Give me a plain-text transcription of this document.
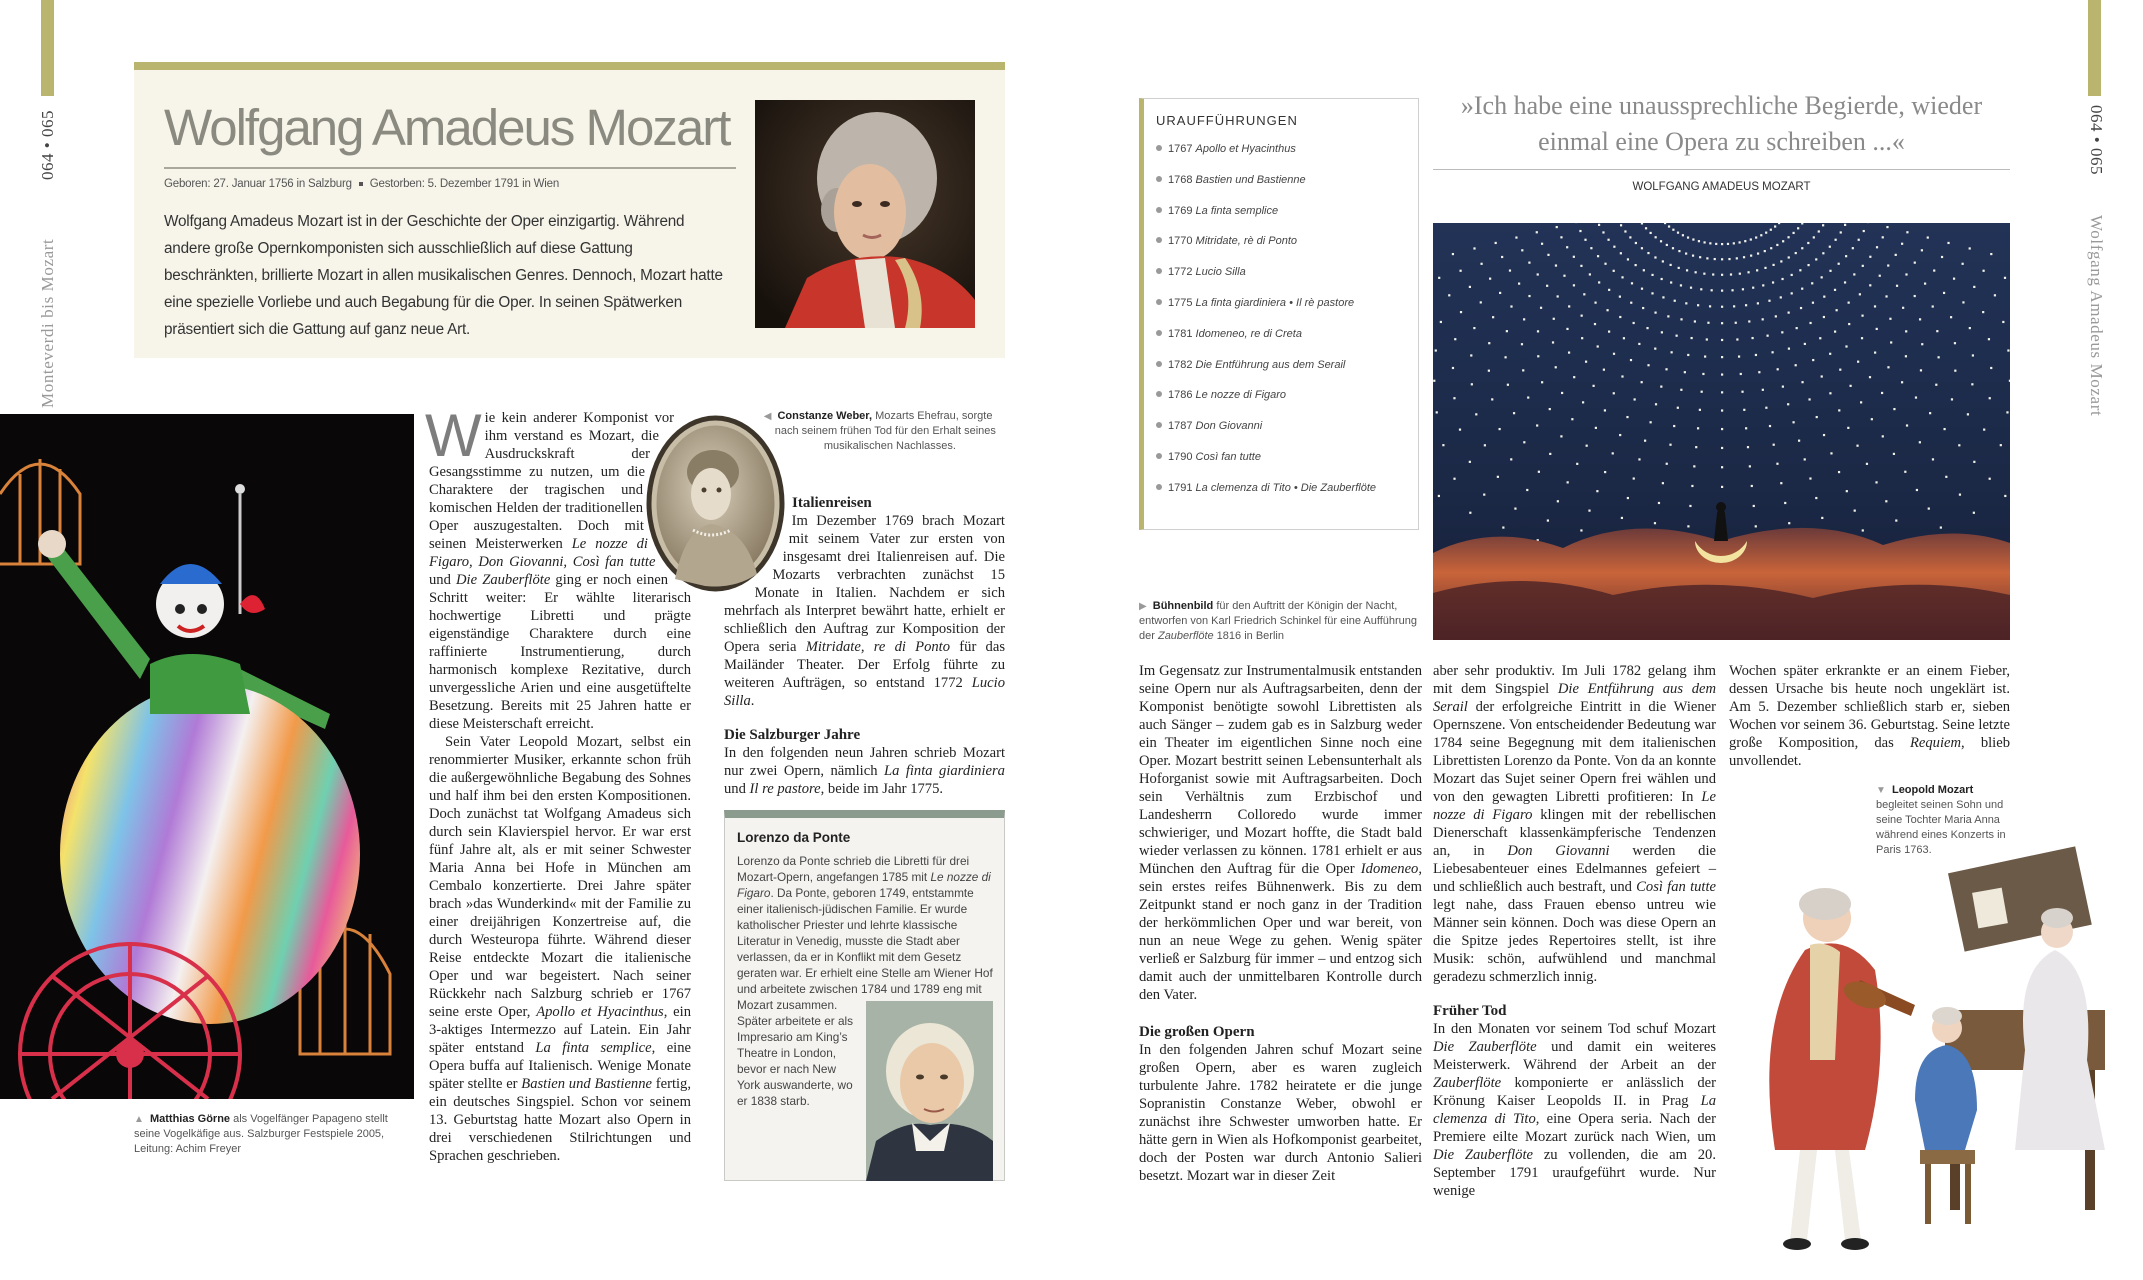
064 • 065
Monteverdi bis Mozart
064 • 065
Wolfgang Amadeus Mozart
Wolfgang Amadeus Mozart
Geboren: 27. Januar 1756 in Salzburg Gestorben: 5. Dezember 1791 in Wien

Wolfgang Amadeus Mozart ist in der Geschichte der Oper einzigartig. Während andere große Opernkomponisten sich ausschließlich auf diese Gattung beschränkten, brillierte Mozart in allen musikalischen Genres. Dennoch, Mozart hatte eine spezielle Vorliebe und auch Begabung für die Oper. In seinen Spätwerken präsentiert sich die Gattung auf ganz neue Art.

▲ Matthias Görne als Vogelfänger Papageno stellt seine Vogelkäfige aus. Salzburger Festspiele 2005, Leitung: Achim Freyer

Wie kein anderer Komponist vor ihm verstand es Mozart, die Ausdruckskraft der Gesangsstimme zu nutzen, um die Charaktere der tragischen und komischen Helden der traditionellen Oper auszugestalten. Doch mit seinen Meisterwerken Le nozze di Figaro, Don Giovanni, Così fan tutte und Die Zauberflöte ging er noch einen Schritt weiter: Er wählte literarisch hochwertige Libretti und prägte eigenständige Charaktere durch eine raffinierte Instrumentierung, durch harmonisch komplexe Rezitative, durch unvergessliche Arien und eine ausgetüftelte Besetzung. Bereits mit 25 Jahren hatte er diese Meisterschaft erreicht.

Sein Vater Leopold Mozart, selbst ein renommierter Musiker, erkannte schon früh die außergewöhnliche Begabung des Sohnes und half ihm bei den ersten Kompositionen. Doch zunächst tat Wolfgang Amadeus sich durch sein Klavierspiel hervor. Er war erst fünf Jahre alt, als er mit seiner Schwester Maria Anna bei Hofe in München am Cembalo konzertierte. Drei Jahre später brach »das Wunderkind« mit der Familie zu einer dreijährigen Konzertreise auf, die durch Westeuropa führte. Während dieser Reise entdeckte Mozart die italienische Oper und war begeistert. Nach seiner Rückkehr nach Salzburg schrieb er 1767 seine erste Oper, Apollo et Hyacinthus, ein 3-aktiges Intermezzo auf Latein. Ein Jahr später entstand La finta semplice, eine Opera buffa auf Italienisch. Wenige Monate später stellte er Bastien und Bastienne fertig, ein deutsches Singspiel. Schon vor seinem 13. Geburtstag hatte Mozart also Opern in drei verschiedenen Stilrichtungen und Sprachen geschrieben.

◀ Constanze Weber, Mozarts Ehefrau, sorgte nach seinem frühen Tod für den Erhalt seines musikalischen Nachlasses.
Italienreisen

Im Dezember 1769 brach Mozart mit seinem Vater zur ersten von insgesamt drei Italienreisen auf. Die Mozarts verbrachten zunächst 15 Monate in Italien. Nachdem er sich mehrfach als Interpret bewährt hatte, erhielt er schließlich den Auftrag zur Komposition der Opera seria Mitridate, re di Ponto für das Mailänder Theater. Der Erfolg führte zu weiteren Aufträgen, so entstand 1772 Lucio Silla.

Die Salzburger Jahre

In den folgenden neun Jahren schrieb Mozart nur zwei Opern, nämlich La finta giardiniera und Il re pastore, beide im Jahr 1775.

Lorenzo da Ponte

Lorenzo da Ponte schrieb die Libretti für drei Mozart-Opern, angefangen 1785 mit Le nozze di Figaro. Da Ponte, geboren 1749, entstammte einer italienisch-jüdischen Familie. Er wurde katholischer Priester und lehrte klassische Literatur in Venedig, musste die Stadt aber verlassen, da er in Konflikt mit dem Gesetz geraten war. Er erhielt eine Stelle am Wiener Hof und arbeitete zwischen 1784 und 1789 eng mit Mozart zusammen. Später arbeitete er als Impresario am King’s Theatre in London, bevor er nach New York auswanderte, wo er 1838 starb.

URAUFFÜHRUNGEN
1767 Apollo et Hyacinthus
1768 Bastien und Bastienne
1769 La finta semplice
1770 Mitridate, rè di Ponto
1772 Lucio Silla
1775 La finta giardiniera • Il rè pastore
1781 Idomeneo, re di Creta
1782 Die Entführung aus dem Serail
1786 Le nozze di Figaro
1787 Don Giovanni
1790 Così fan tutte
1791 La clemenza di Tito • Die Zauberflöte

»Ich habe eine unaussprechliche Begierde, wieder einmal eine Opera zu schreiben ...«

WOLFGANG AMADEUS MOZART
▶ Bühnenbild für den Auftritt der Königin der Nacht, entworfen von Karl Friedrich Schinkel für eine Aufführung der Zauberflöte 1816 in Berlin

Im Gegensatz zur Instrumentalmusik entstanden seine Opern nur als Auftragsarbeiten, denn der Komponist benötigte sowohl Librettisten als auch Sänger – zudem gab es in Salzburg weder ein Theater im eigentlichen Sinne noch eine Oper. Mozart bestritt seinen Lebensunterhalt als Hoforganist sowie mit Auftragsarbeiten. Doch sein Verhältnis zum Erzbischof und Landesherrn Colloredo wurde immer schwieriger, und Mozart hoffte, die Stadt bald wieder verlassen zu können. 1781 erhielt er aus München den Auftrag für die Oper Idomeneo, sein erstes reifes Bühnenwerk. Bis zu dem Zeitpunkt stand er noch ganz in der Tradition der herkömmlichen Oper und war bereit, von nun an neue Wege zu gehen. Wenig später verließ er Salzburg für immer – und entzog sich damit auch der unmittelbaren Kontrolle durch den Vater.

Die großen Opern

In den folgenden Jahren schuf Mozart seine großen Opern, aber es waren zugleich turbulente Jahre. 1782 heiratete er die junge Sopranistin Constanze Weber, obwohl er zunächst ihre Schwester umworben hatte. Er hätte gern in Wien als Hofkomponist gearbeitet, doch der Posten war durch Antonio Salieri besetzt. Mozart war in dieser Zeit

aber sehr produktiv. Im Juli 1782 gelang ihm mit dem Singspiel Die Entführung aus dem Serail der erfolgreiche Eintritt in die Wiener Opernszene. Von entscheidender Bedeutung war 1784 seine Begegnung mit dem italienischen Librettisten Lorenzo da Ponte. Von da an konnte Mozart das Sujet seiner Opern frei wählen und von den gewagten Libretti profitieren: In Le nozze di Figaro klingen mit der rebellischen Dienerschaft klassenkämpferische Tendenzen an, in Don Giovanni werden die Liebesabenteuer eines Edelmannes gefeiert – und schließlich auch bestraft, und Così fan tutte legt nahe, dass Frauen ebenso untreu wie Männer sein können. Doch was diese Opern an die Spitze jedes Repertoires stellt, ist ihre Musik: schön, aufwühlend und manchmal geradezu schmerzlich innig.

Früher Tod

In den Monaten vor seinem Tod schuf Mozart Die Zauberflöte und damit ein weiteres Meisterwerk. Während der Arbeit an der Zauberflöte komponierte er anlässlich der Krönung Kaiser Leopolds II. in Prag La clemenza di Tito, eine Opera seria. Nach der Premiere eilte Mozart zurück nach Wien, um Die Zauberflöte zu vollenden, die am 20. September 1791 uraufgeführt wurde. Nur wenige

Wochen später erkrankte er an einem Fieber, dessen Ursache bis heute noch ungeklärt ist. Am 5. Dezember schließlich starb er, sieben Wochen vor seinem 36. Geburtstag. Seine letzte große Komposition, das Requiem, blieb unvollendet.

▼ Leopold Mozart begleitet seinen Sohn und seine Tochter Maria Anna während eines Konzerts in Paris 1763.
